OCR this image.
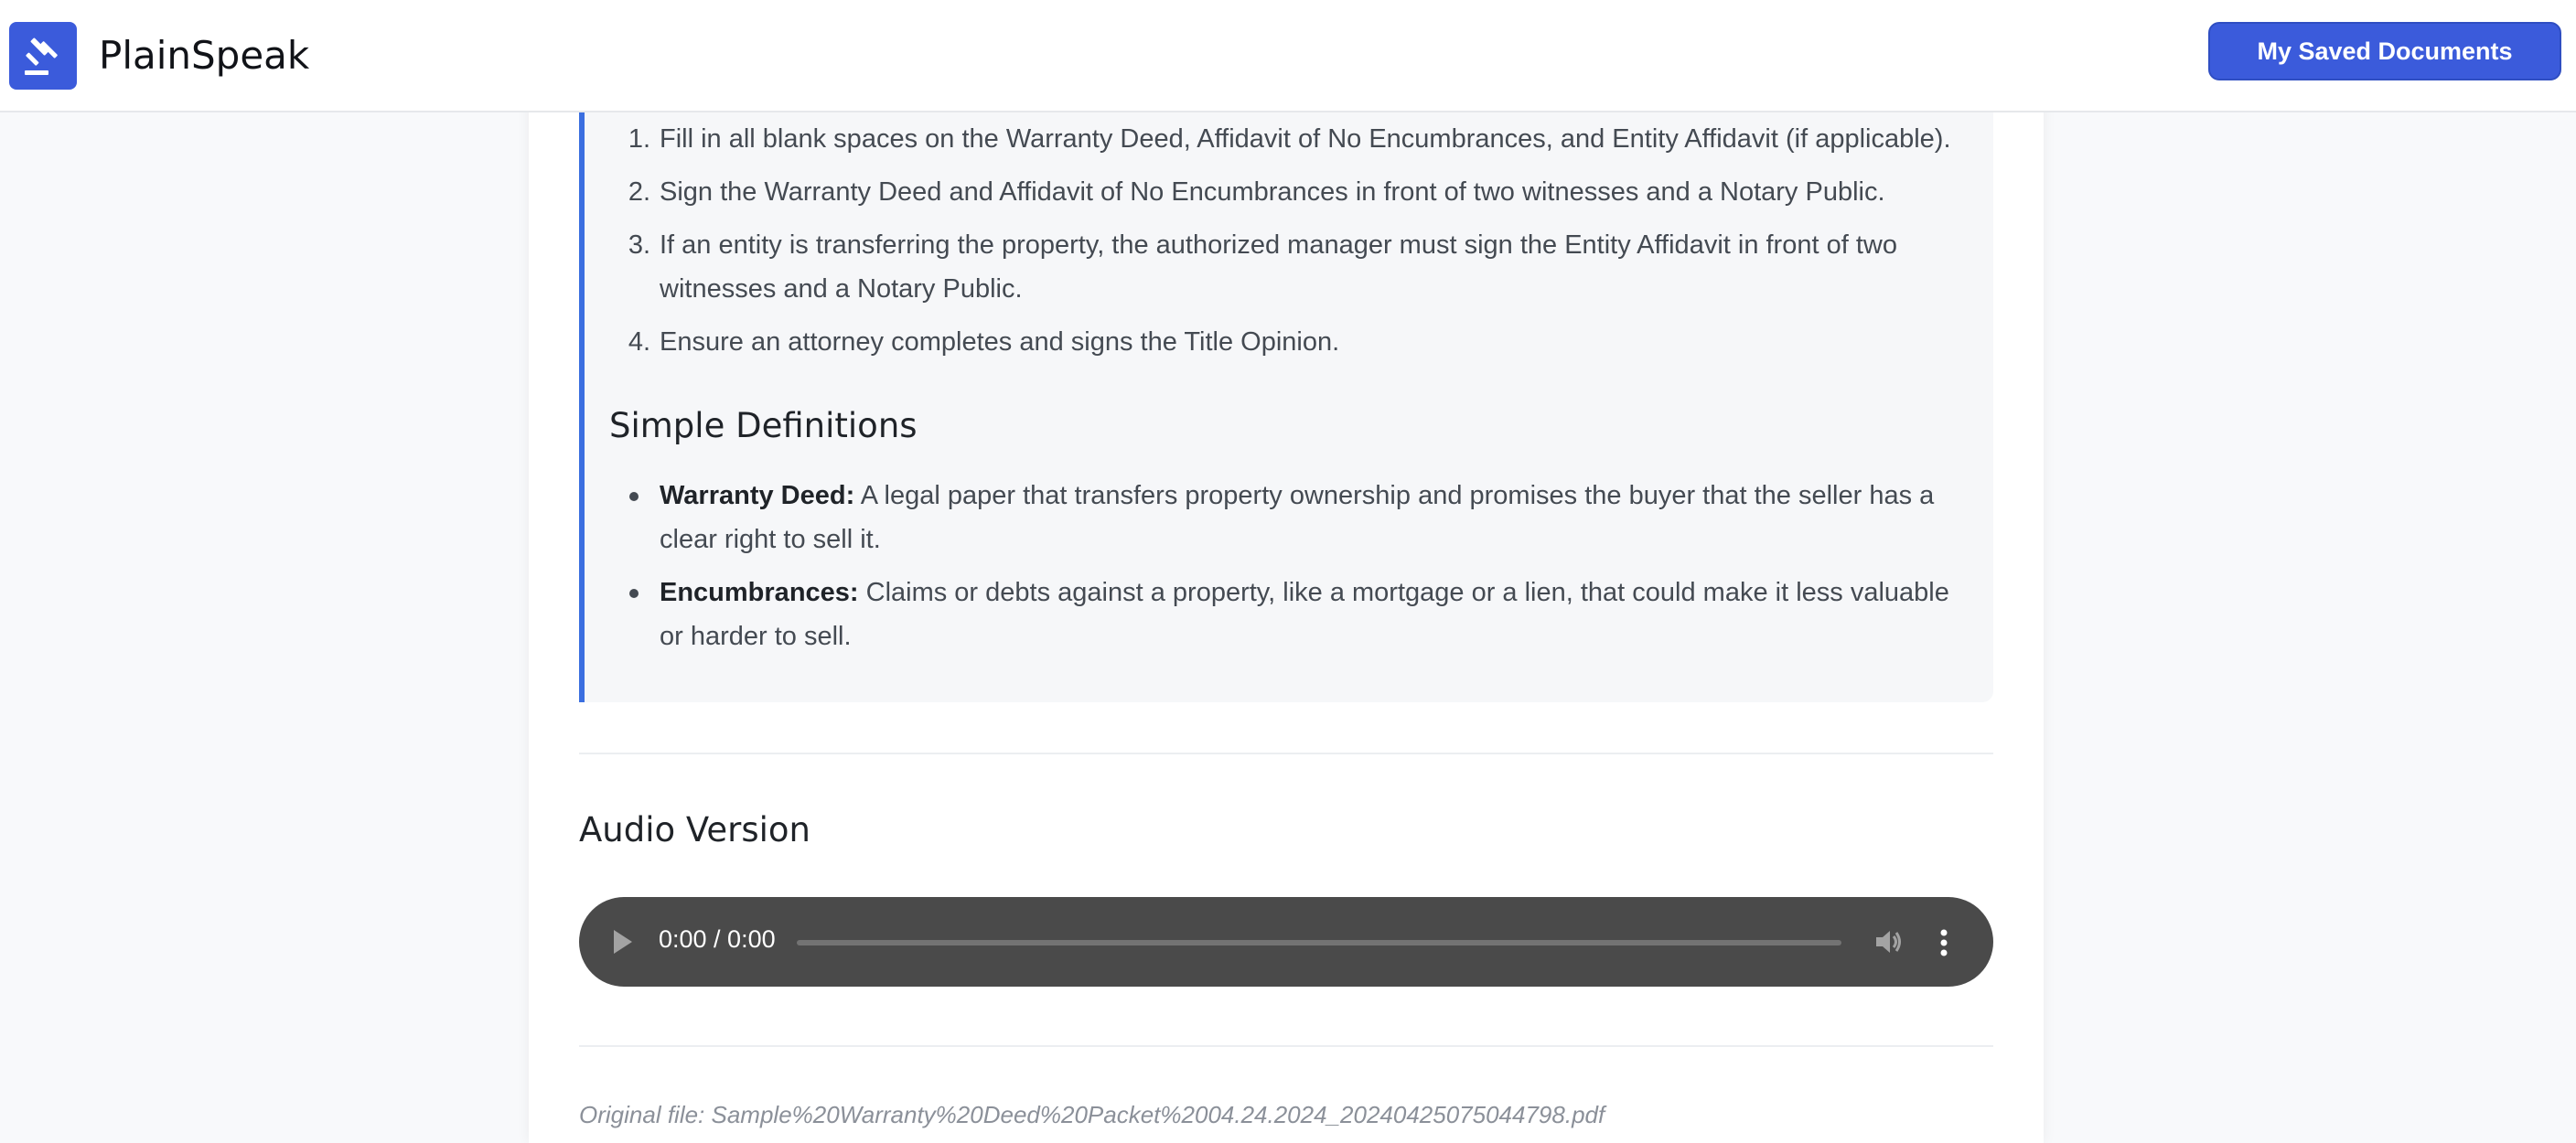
PlainSpeak	My Saved Documents
Simple Definitions
Audio Version
0:00 / 0:00
Original file: Sample%20Warranty%20Deed%20Packet%2004.24.2024_20240425075044798.pdf
1. Fill in all blank spaces on the Warranty Deed, Affidavit of No Encumbrances, and Entity Affidavit (if applicable).
2. Sign the Warranty Deed and Affidavit of No Encumbrances in front of two witnesses and a Notary Public.
3. If an entity is transferring the property, the authorized manager must sign the Entity Affidavit in front of two witnesses and a Notary Public.
4. Ensure an attorney completes and signs the Title Opinion.
Warranty Deed: A legal paper that transfers property ownership and promises the buyer that the seller has a clear right to sell it.
Encumbrances: Claims or debts against a property, like a mortgage or a lien, that could make it less valuable or harder to sell.
